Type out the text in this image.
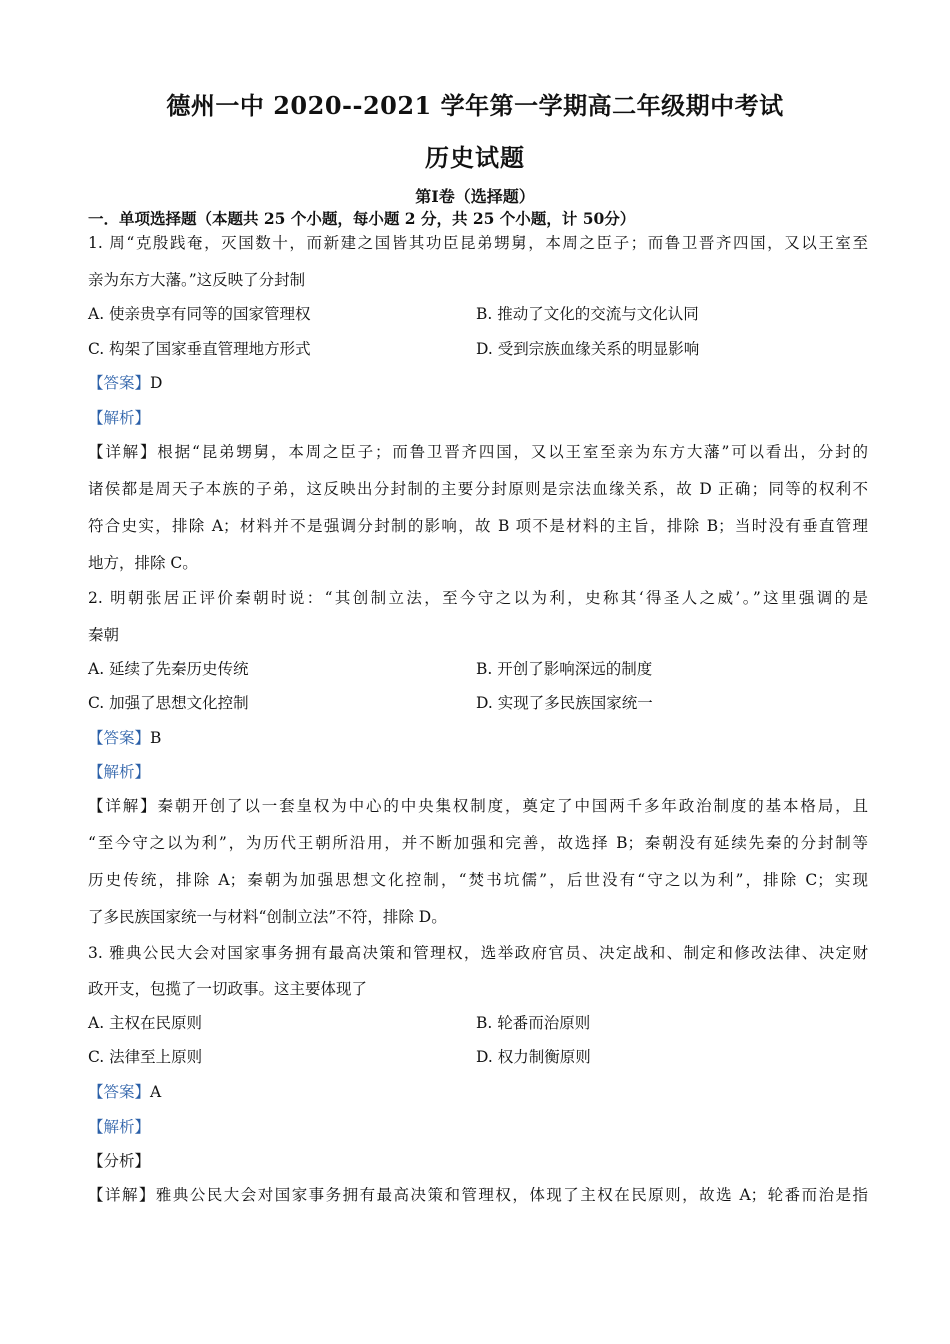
德州一中 2020--2021 学年第一学期高二年级期中考试
历史试题
第Ⅰ卷（选择题）
一．单项选择题（本题共 25 个小题，每小题 2 分，共 25 个小题，计 50分）
1. 周“克殷践奄，灭国数十，而新建之国皆其功臣昆弟甥舅，本周之臣子；而鲁卫晋齐四国，又以王室至
亲为东方大藩。”这反映了分封制
A. 使亲贵享有同等的国家管理权	B. 推动了文化的交流与文化认同
C. 构架了国家垂直管理地方形式	D. 受到宗族血缘关系的明显影响
【答案】D
【解析】
【详解】根据“昆弟甥舅，本周之臣子；而鲁卫晋齐四国，又以王室至亲为东方大藩”可以看出，分封的
诸侯都是周天子本族的子弟，这反映出分封制的主要分封原则是宗法血缘关系，故 D 正确；同等的权利不
符合史实，排除 A；材料并不是强调分封制的影响，故 B 项不是材料的主旨，排除 B；当时没有垂直管理
地方，排除 C。
2. 明朝张居正评价秦朝时说：“其创制立法，至今守之以为利，史称其‘得圣人之威’。”这里强调的是
秦朝
A. 延续了先秦历史传统	B. 开创了影响深远的制度
C. 加强了思想文化控制	D. 实现了多民族国家统一
【答案】B
【解析】
【详解】秦朝开创了以一套皇权为中心的中央集权制度，奠定了中国两千多年政治制度的基本格局，且
“至今守之以为利”，为历代王朝所沿用，并不断加强和完善，故选择 B；秦朝没有延续先秦的分封制等
历史传统，排除 A；秦朝为加强思想文化控制，“焚书坑儒”，后世没有“守之以为利”，排除 C；实现
了多民族国家统一与材料“创制立法”不符，排除 D。
3. 雅典公民大会对国家事务拥有最高决策和管理权，选举政府官员、决定战和、制定和修改法律、决定财
政开支，包揽了一切政事。这主要体现了
A. 主权在民原则	B. 轮番而治原则
C. 法律至上原则	D. 权力制衡原则
【答案】A
【解析】
【分析】
【详解】雅典公民大会对国家事务拥有最高决策和管理权，体现了主权在民原则，故选 A；轮番而治是指
